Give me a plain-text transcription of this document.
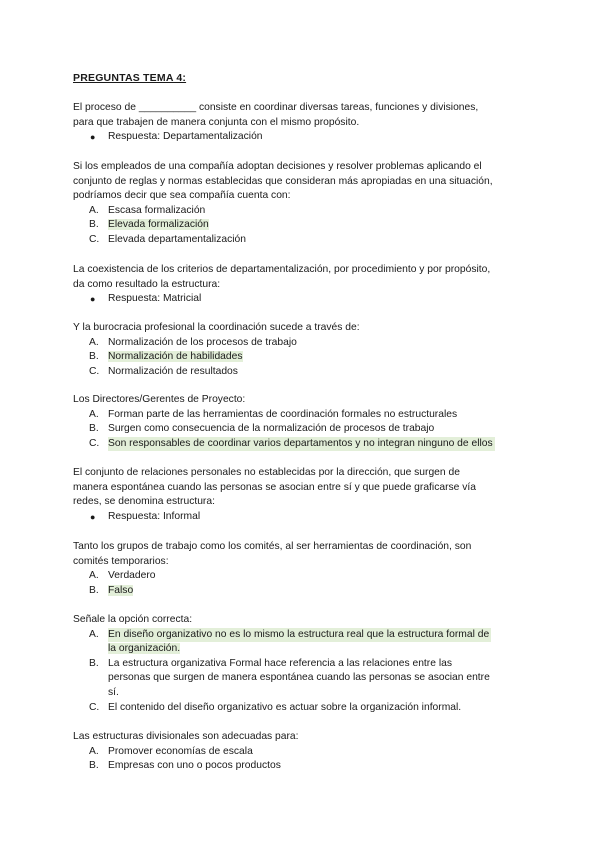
PREGUNTAS TEMA 4:
El proceso de __________ consiste en coordinar diversas tareas, funciones y divisiones,
para que trabajen de manera conjunta con el mismo propósito.
●	Respuesta: Departamentalización
Si los empleados de una compañía adoptan decisiones y resolver problemas aplicando el
conjunto de reglas y normas establecidas que consideran más apropiadas en una situación,
podríamos decir que sea compañía cuenta con:
A. Escasa formalización
B. Elevada formalización
C. Elevada departamentalización
La coexistencia de los criterios de departamentalización, por procedimiento y por propósito,
da como resultado la estructura:
●	Respuesta: Matricial
Y la burocracia profesional la coordinación sucede a través de:
A. Normalización de los procesos de trabajo
B. Normalización de habilidades
C. Normalización de resultados
Los Directores/Gerentes de Proyecto:
A. Forman parte de las herramientas de coordinación formales no estructurales
B. Surgen como consecuencia de la normalización de procesos de trabajo
C. Son responsables de coordinar varios departamentos y no integran ninguno de ellos
El conjunto de relaciones personales no establecidas por la dirección, que surgen de
manera espontánea cuando las personas se asocian entre sí y que puede graficarse vía
redes, se denomina estructura:
●	Respuesta: Informal
Tanto los grupos de trabajo como los comités, al ser herramientas de coordinación, son
comités temporarios:
A. Verdadero
B. Falso
Señale la opción correcta:
A. En diseño organizativo no es lo mismo la estructura real que la estructura formal de
la organización.
B. La estructura organizativa Formal hace referencia a las relaciones entre las
personas que surgen de manera espontánea cuando las personas se asocian entre
sí.
C. El contenido del diseño organizativo es actuar sobre la organización informal.
Las estructuras divisionales son adecuadas para:
A. Promover economías de escala
B. Empresas con uno o pocos productos
